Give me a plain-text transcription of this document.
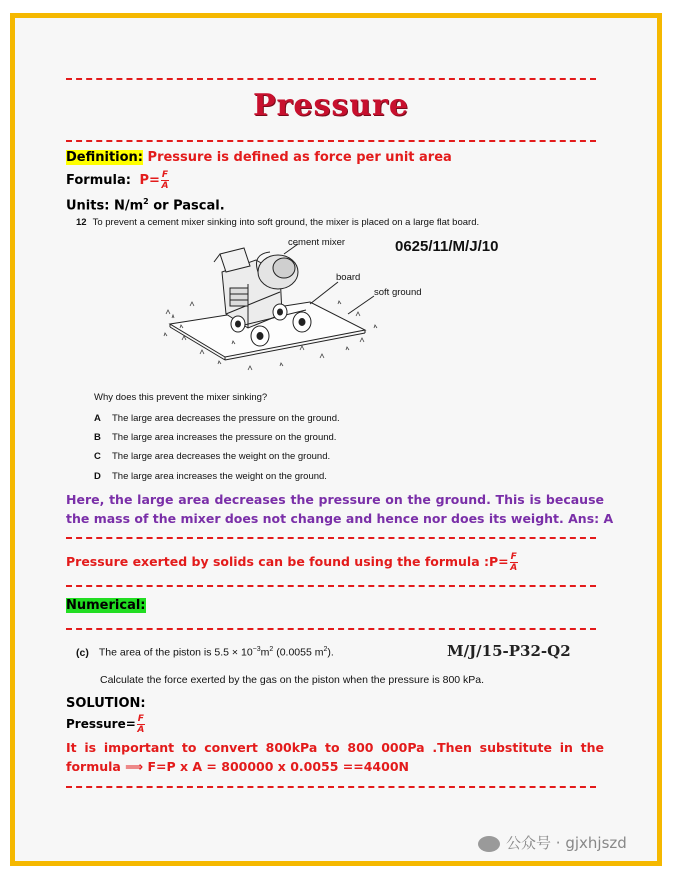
Pressure
Definition: Pressure is defined as force per unit area
Formula: $P= \frac{F}{A}$
Units: $N/m^2$ or Pascal.
12 To prevent a cement mixer sinking into soft ground, the mixer is placed on a large flat board.
0625/11/M/J/10
cement mixer
board
soft ground
Why does this prevent the mixer sinking?
A The large area decreases the pressure on the ground.
B The large area increases the pressure on the ground.
C The large area decreases the weight on the ground.
D The large area increases the weight on the ground.
Here, the large area decreases the pressure on the ground. This is because
the mass of the mixer does not change and hence nor does its weight. Ans: A
Pressure exerted by solids can be found using the formula :P= $\frac{F}{A}$
Numerical:
(c) The area of the piston is $5.5 \times 10^{-3}m^2$ (0.0055 $m^2$).	M/J/15-P32-Q2
Calculate the force exerted by the gas on the piston when the pressure is 800 kPa.
SOLUTION:
Pressure= $\frac{F}{A}$
It is important to convert 800kPa to 800 000Pa .Then substitute in the
formula ⟹ F=P x A = 800000 x 0.0055 ==4400N
公众号 · gjxhjszd
